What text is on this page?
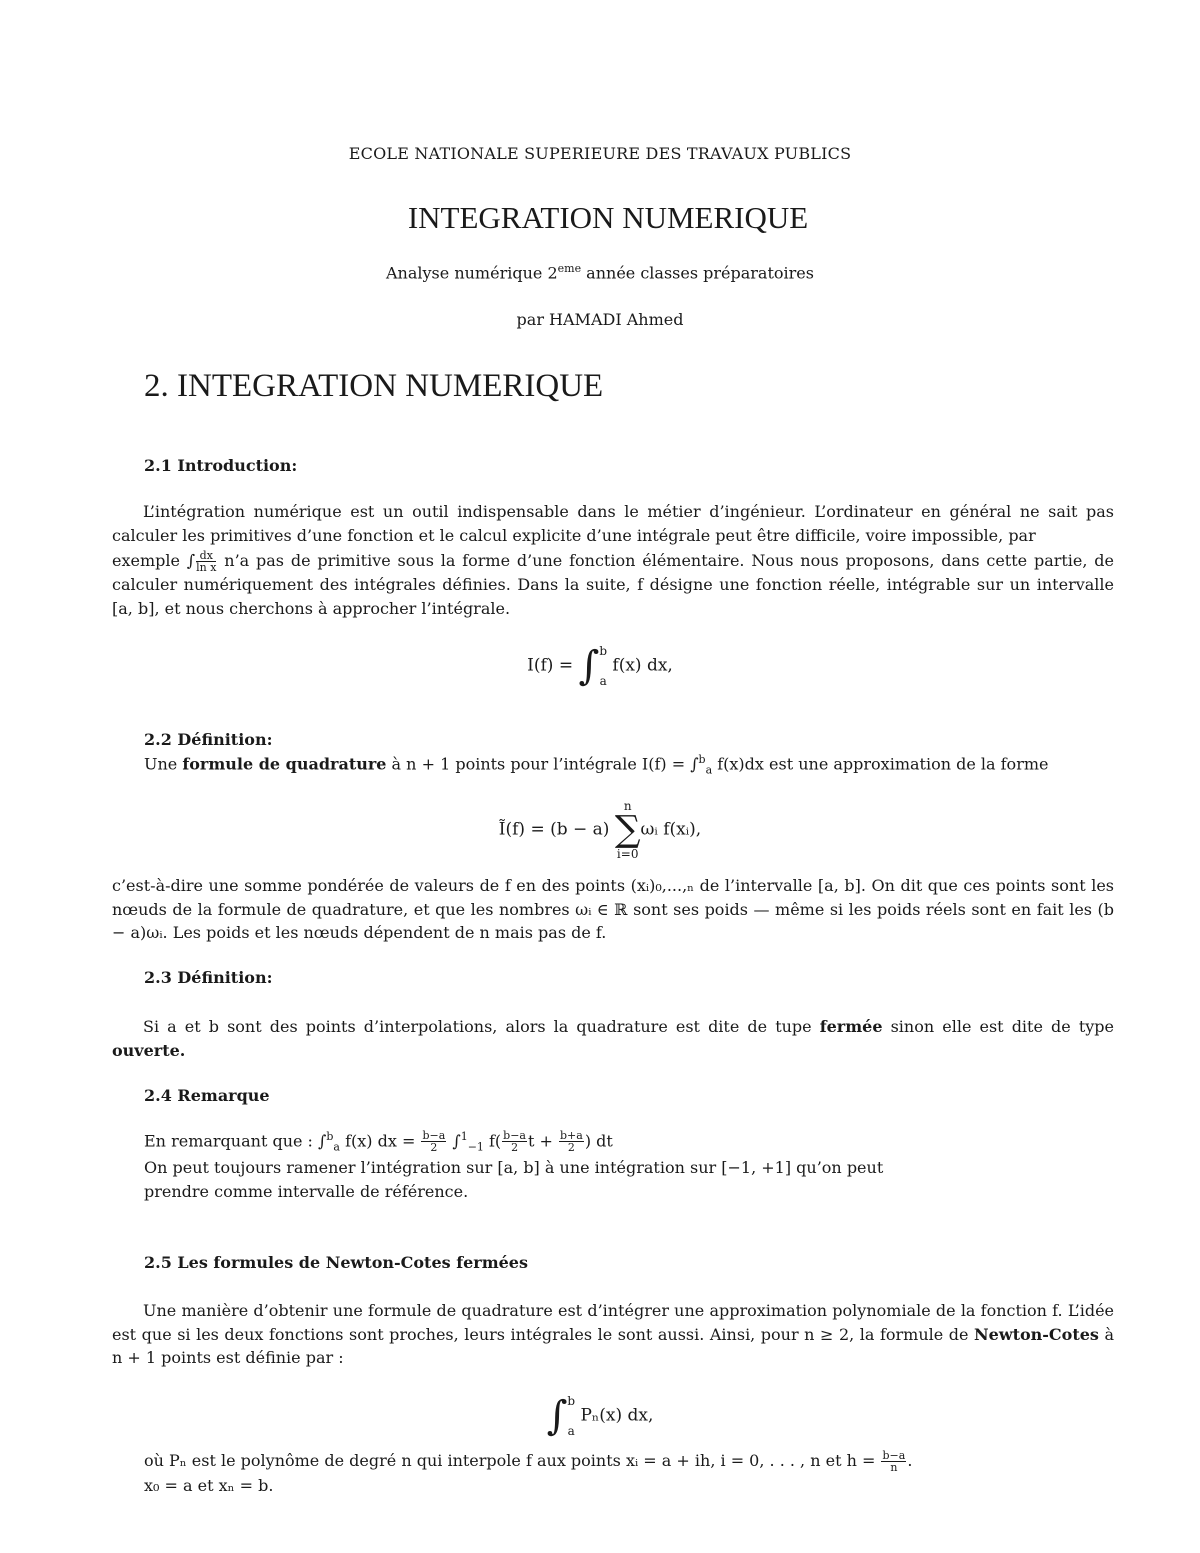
ECOLE NATIONALE SUPERIEURE DES TRAVAUX PUBLICS
INTEGRATION NUMERIQUE
Analyse numérique 2eme année classes préparatoires
par HAMADI Ahmed
2. INTEGRATION NUMERIQUE
2.1 Introduction:
L’intégration numérique est un outil indispensable dans le métier d’ingénieur. L’ordinateur en général ne sait pas calculer les primitives d’une fonction et le calcul explicite d’une intégrale peut être difficile, voire impossible, par
exemple ∫ $\frac{dx}{\text{ln x}}$ n’a pas de primitive sous la forme d’une fonction élémentaire. Nous nous proposons, dans cette partie, de calculer numériquement des intégrales définies. Dans la suite, f désigne une fonction réelle, intégrable sur un intervalle [a, b], et nous cherchons à approcher l’intégrale.
I(f) = ∫ b
a
f(x) dx,
2.2 Définition:
Une formule de quadrature à n + 1 points pour l’intégrale I(f) = ∫$^b_a$ f(x)dx est une approximation de la forme
Ĩ(f) = (b − a)
n
∑
i=0
ωᵢ f(xᵢ),
c’est-à-dire une somme pondérée de valeurs de f en des points (xᵢ)₀,...,ₙ de l’intervalle [a, b]. On dit que ces points sont les nœuds de la formule de quadrature, et que les nombres ωᵢ ∈ ℝ sont ses poids — même si les poids réels sont en fait les (b − a)ωᵢ. Les poids et les nœuds dépendent de n mais pas de f.
2.3 Définition:
Si a et b sont des points d’interpolations, alors la quadrature est dite de tupe fermée sinon elle est dite de type ouverte.
2.4 Remarque
En remarquant que : ∫$^b_a$ f(x) dx = $\frac{b-a}{2} \int^1_{-1}$ $f( \frac{b-a}{2}$ $t + \frac{b+a}{2}$ ) dt
On peut toujours ramener l’intégration sur [a, b] à une intégration sur [−1, +1] qu’on peut
prendre comme intervalle de référence.
2.5 Les formules de Newton-Cotes fermées
Une manière d’obtenir une formule de quadrature est d’intégrer une approximation polynomiale de la fonction f. L’idée est que si les deux fonctions sont proches, leurs intégrales le sont aussi. Ainsi, pour n ≥ 2, la formule de Newton-Cotes à n + 1 points est définie par :
∫ b
a
Pₙ(x) dx,
où Pₙ est le polynôme de degré n qui interpole f aux points xᵢ = a + ih, i = 0, . . . , n et $h = \frac{b-a}{n}$ .
x₀ = a et xₙ = b.
